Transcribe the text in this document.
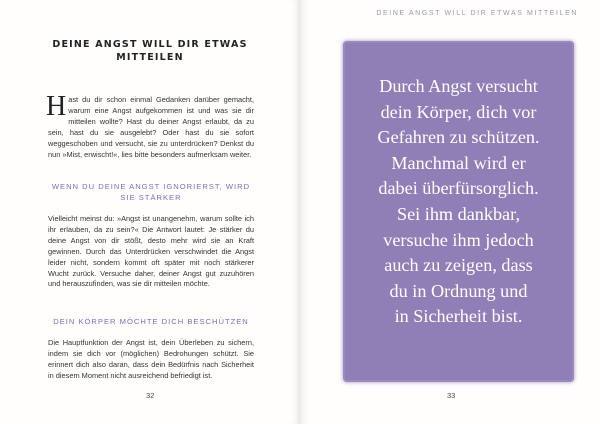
DEINE ANGST WILL DIR ETWAS MITTEILEN
Hast du dir schon einmal Gedanken darüber gemacht, warum eine Angst aufgekommen ist und was sie dir mitteilen wollte? Hast du deiner Angst erlaubt, da zu sein, hast du sie ausgelebt? Oder hast du sie sofort weggeschoben und versucht, sie zu unterdrücken? Denkst du nun »Mist, erwischt!«, lies bitte besonders aufmerksam weiter.
WENN DU DEINE ANGST IGNORIERST, WIRD SIE STÄRKER
Vielleicht meinst du: »Angst ist unangenehm, warum sollte ich ihr erlauben, da zu sein?« Die Antwort lautet: Je stärker du deine Angst von dir stößt, desto mehr wird sie an Kraft gewinnen. Durch das Unterdrücken verschwindet die Angst leider nicht, sondern kommt oft später mit noch stärkerer Wucht zurück. Versuche daher, deiner Angst gut zuzuhören und herauszufinden, was sie dir mitteilen möchte.
DEIN KÖRPER MÖCHTE DICH BESCHÜTZEN
Die Hauptfunktion der Angst ist, dein Überleben zu sichern, indem sie dich vor (möglichen) Bedrohungen schützt. Sie erinnert dich also daran, dass dein Bedürfnis nach Sicherheit in diesem Moment nicht ausreichend befriedigt ist.
32
DEINE ANGST WILL DIR ETWAS MITTEILEN
Durch Angst versucht
dein Körper, dich vor
Gefahren zu schützen.
Manchmal wird er
dabei überfürsorglich.
Sei ihm dankbar,
versuche ihm jedoch
auch zu zeigen, dass
du in Ordnung und
in Sicherheit bist.
33
